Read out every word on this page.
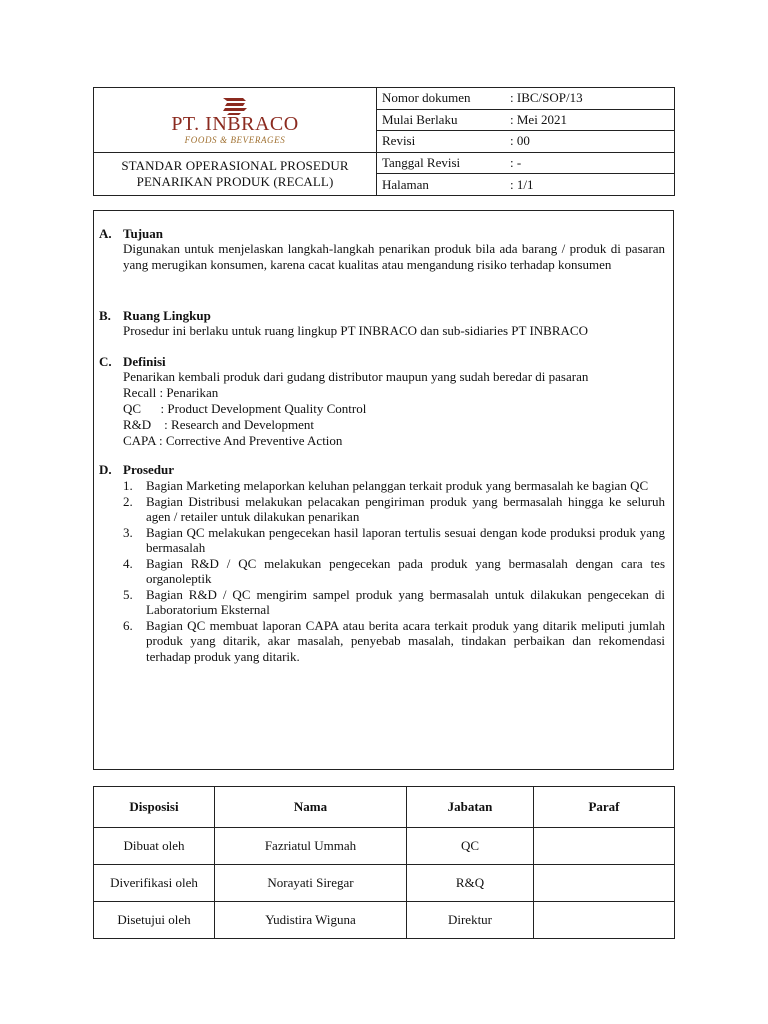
PT. INBRACO
FOODS & BEVERAGES	Nomor dokumen	: IBC/SOP/13
	Mulai Berlaku	: Mei 2021
	Revisi	: 00
STANDAR OPERASIONAL PROSEDUR
PENARIKAN PRODUK (RECALL)	Tanggal Revisi	: -
	Halaman	: 1/1
A. Tujuan
Digunakan untuk menjelaskan langkah-langkah penarikan produk bila ada barang / produk di pasaran yang merugikan konsumen, karena cacat kualitas atau mengandung risiko terhadap konsumen
B. Ruang Lingkup
Prosedur ini berlaku untuk ruang lingkup PT INBRACO dan sub-sidiaries PT INBRACO
C. Definisi
Penarikan kembali produk dari gudang distributor maupun yang sudah beredar di pasaran
Recall : Penarikan
QC      : Product Development Quality Control
R&D    : Research and Development
CAPA : Corrective And Preventive Action
D. Prosedur
1. Bagian Marketing melaporkan keluhan pelanggan terkait produk yang bermasalah ke bagian QC
2. Bagian Distribusi melakukan pelacakan pengiriman produk yang bermasalah hingga ke seluruh agen / retailer untuk dilakukan penarikan
3. Bagian QC melakukan pengecekan hasil laporan tertulis sesuai dengan kode produksi produk yang bermasalah
4. Bagian R&D / QC melakukan pengecekan pada produk yang bermasalah dengan cara tes organoleptik
5. Bagian R&D / QC mengirim sampel produk yang bermasalah untuk dilakukan pengecekan di Laboratorium Eksternal
6. Bagian QC membuat laporan CAPA atau berita acara terkait produk yang ditarik meliputi jumlah produk yang ditarik, akar masalah, penyebab masalah, tindakan perbaikan dan rekomendasi terhadap produk yang ditarik.
Disposisi	Nama	Jabatan	Paraf
Dibuat oleh	Fazriatul Ummah	QC	
Diverifikasi oleh	Norayati Siregar	R&Q	
Disetujui oleh	Yudistira Wiguna	Direktur	
